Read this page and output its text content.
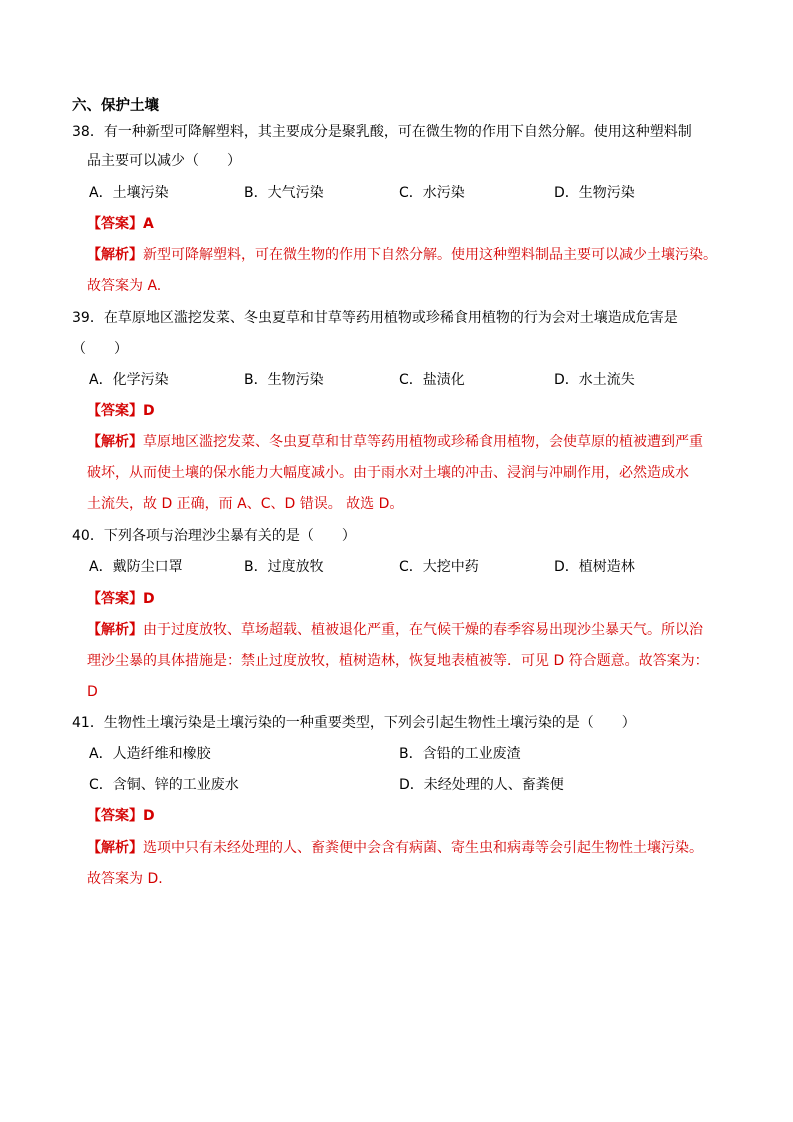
六、保护土壤
38．有一种新型可降解塑料，其主要成分是聚乳酸，可在微生物的作用下自然分解。使用这种塑料制
品主要可以减少（　　）
A．土壤污染	B．大气污染	C．水污染	D．生物污染
【答案】A
【解析】新型可降解塑料，可在微生物的作用下自然分解。使用这种塑料制品主要可以减少土壤污染。
故答案为 A.
39．在草原地区滥挖发菜、冬虫夏草和甘草等药用植物或珍稀食用植物的行为会对土壤造成危害是
（　　）
A．化学污染	B．生物污染	C．盐渍化	D．水土流失
【答案】D
【解析】草原地区滥挖发菜、冬虫夏草和甘草等药用植物或珍稀食用植物，会使草原的植被遭到严重
破坏，从而使土壤的保水能力大幅度减小。由于雨水对土壤的冲击、浸润与冲刷作用，必然造成水
土流失，故 D 正确，而 A、C、D 错误。 故选 D。
40．下列各项与治理沙尘暴有关的是（　　）
A．戴防尘口罩	B．过度放牧	C．大挖中药	D．植树造林
【答案】D
【解析】由于过度放牧、草场超载、植被退化严重，在气候干燥的春季容易出现沙尘暴天气。所以治
理沙尘暴的具体措施是：禁止过度放牧，植树造林，恢复地表植被等．可见 D 符合题意。故答案为：
D
41．生物性土壤污染是土壤污染的一种重要类型，下列会引起生物性土壤污染的是（　　）
A．人造纤维和橡胶	B．含铅的工业废渣
C．含铜、锌的工业废水	D．未经处理的人、畜粪便
【答案】D
【解析】选项中只有未经处理的人、畜粪便中会含有病菌、寄生虫和病毒等会引起生物性土壤污染。
故答案为 D.
